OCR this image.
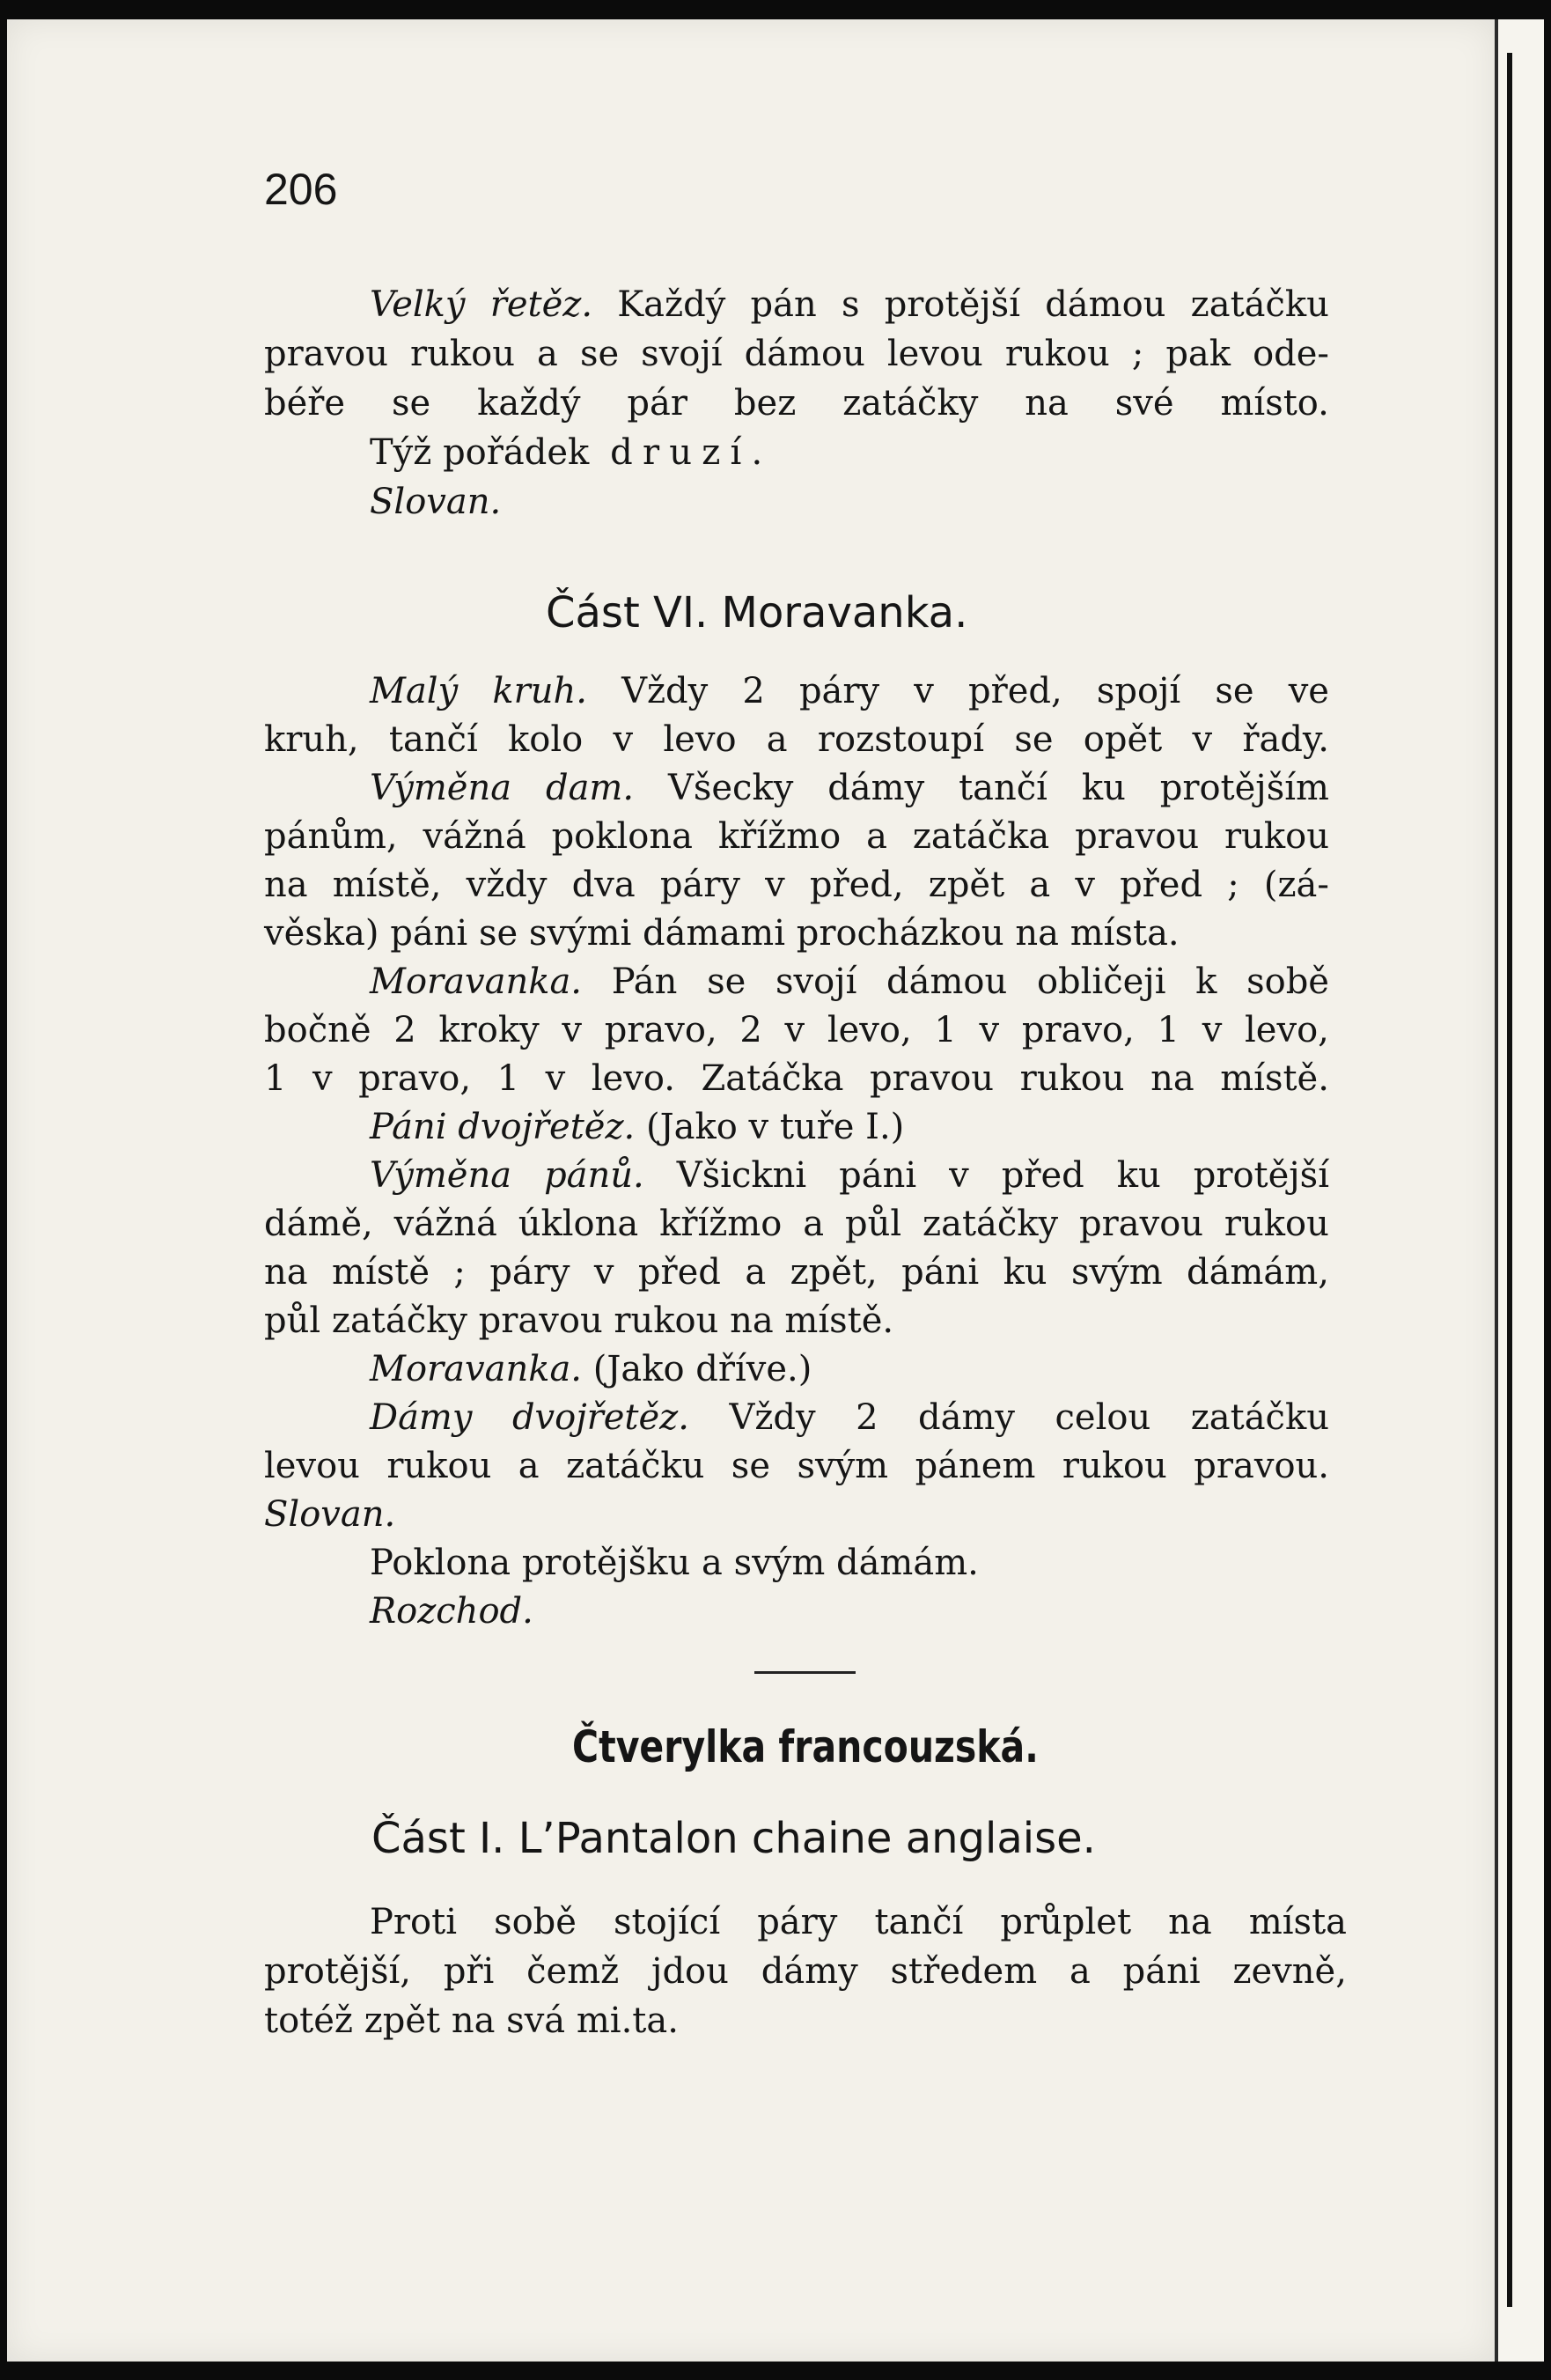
206
Velký řetěz. Každý pán s protější dámou zatáčku
pravou rukou a se svojí dámou levou rukou ; pak ode-
béře se každý pár bez zatáčky na své místo.
Týž pořádek druzí.
Slovan.
Část VI. Moravanka.
Malý kruh. Vždy 2 páry v před, spojí se ve
kruh, tančí kolo v levo a rozstoupí se opět v řady.
Výměna dam. Všecky dámy tančí ku protějším
pánům, vážná poklona křížmo a zatáčka pravou rukou
na místě, vždy dva páry v před, zpět a v před ; (zá-
věska) páni se svými dámami procházkou na místa.
Moravanka. Pán se svojí dámou obličeji k sobě
bočně 2 kroky v pravo, 2 v levo, 1 v pravo, 1 v levo,
1 v pravo, 1 v levo. Zatáčka pravou rukou na místě.
Páni dvojřetěz. (Jako v tuře I.)
Výměna pánů. Všickni páni v před ku protější
dámě, vážná úklona křížmo a půl zatáčky pravou rukou
na místě ; páry v před a zpět, páni ku svým dámám,
půl zatáčky pravou rukou na místě.
Moravanka. (Jako dříve.)
Dámy dvojřetěz. Vždy 2 dámy celou zatáčku
levou rukou a zatáčku se svým pánem rukou pravou.
Slovan.
Poklona protějšku a svým dámám.
Rozchod.
Čtverylka francouzská.
Část I. L’Pantalon chaine anglaise.
Proti sobě stojící páry tančí průplet na místa
protější, při čemž jdou dámy středem a páni zevně,
totéž zpět na svá mi.ta.
